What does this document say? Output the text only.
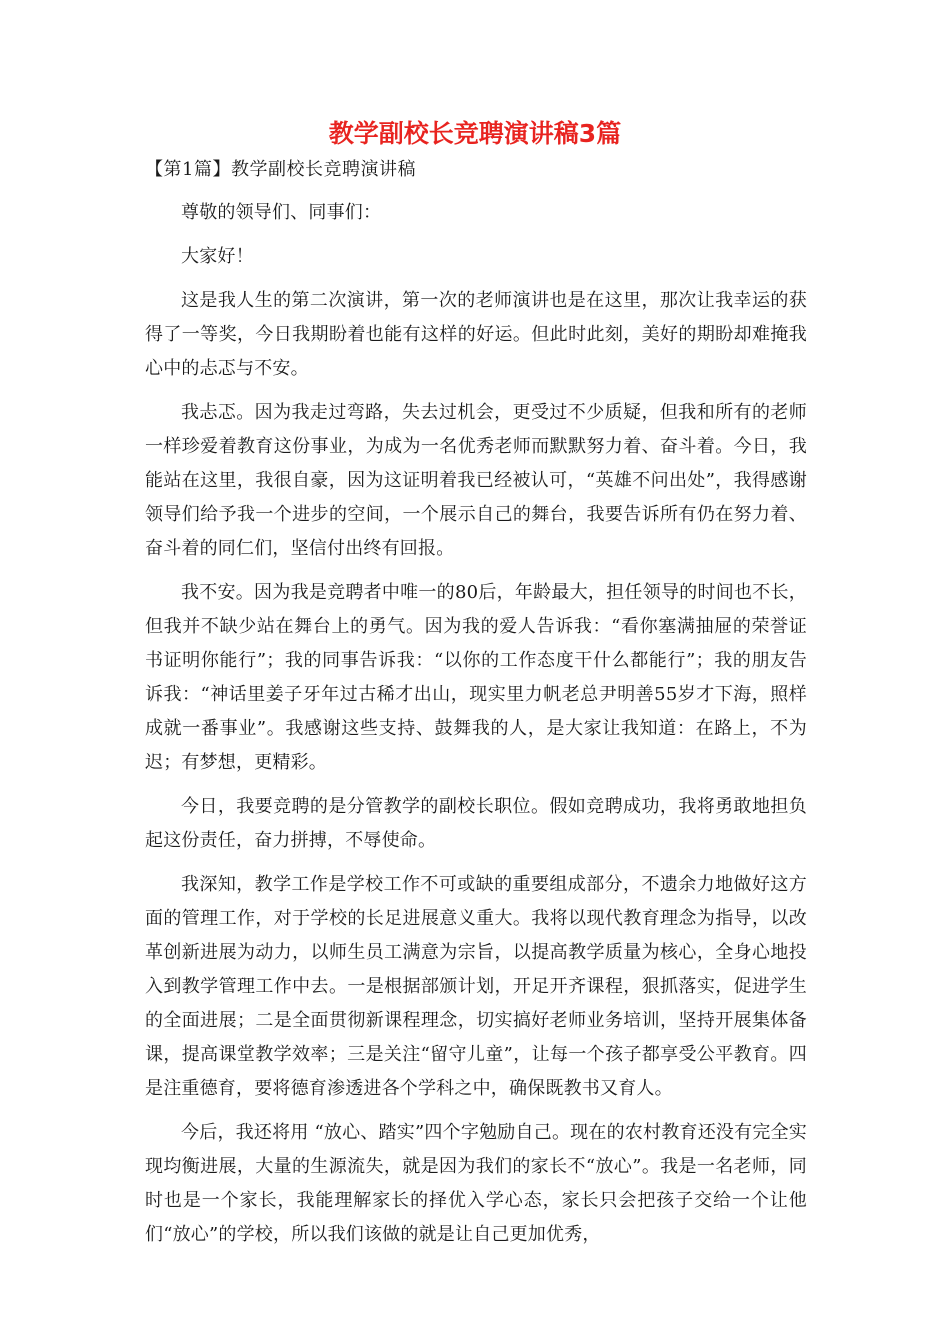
教学副校长竞聘演讲稿3篇
【第1篇】教学副校长竞聘演讲稿

尊敬的领导们、同事们：

大家好！

这是我人生的第二次演讲，第一次的老师演讲也是在这里，那次让我幸运的获得了一等奖，今日我期盼着也能有这样的好运。但此时此刻，美好的期盼却难掩我心中的忐忑与不安。

我忐忑。因为我走过弯路，失去过机会，更受过不少质疑，但我和所有的老师一样珍爱着教育这份事业，为成为一名优秀老师而默默努力着、奋斗着。今日，我能站在这里，我很自豪，因为这证明着我已经被认可，“英雄不问出处”，我得感谢领导们给予我一个进步的空间，一个展示自己的舞台，我要告诉所有仍在努力着、奋斗着的同仁们，坚信付出终有回报。

我不安。因为我是竞聘者中唯一的80后，年龄最大，担任领导的时间也不长，但我并不缺少站在舞台上的勇气。因为我的爱人告诉我：“看你塞满抽屉的荣誉证书证明你能行”；我的同事告诉我：“以你的工作态度干什么都能行”；我的朋友告诉我：“神话里姜子牙年过古稀才出山，现实里力帆老总尹明善55岁才下海，照样成就一番事业”。我感谢这些支持、鼓舞我的人，是大家让我知道：在路上，不为迟；有梦想，更精彩。

今日，我要竞聘的是分管教学的副校长职位。假如竞聘成功，我将勇敢地担负起这份责任，奋力拼搏，不辱使命。

我深知，教学工作是学校工作不可或缺的重要组成部分，不遗余力地做好这方面的管理工作，对于学校的长足进展意义重大。我将以现代教育理念为指导，以改革创新进展为动力，以师生员工满意为宗旨，以提高教学质量为核心，全身心地投入到教学管理工作中去。一是根据部颁计划，开足开齐课程，狠抓落实，促进学生的全面进展；二是全面贯彻新课程理念，切实搞好老师业务培训，坚持开展集体备课，提高课堂教学效率；三是关注“留守儿童”，让每一个孩子都享受公平教育。四是注重德育，要将德育渗透进各个学科之中，确保既教书又育人。

今后，我还将用 “放心、踏实”四个字勉励自己。现在的农村教育还没有完全实现均衡进展，大量的生源流失，就是因为我们的家长不“放心”。我是一名老师，同时也是一个家长，我能理解家长的择优入学心态，家长只会把孩子交给一个让他们“放心”的学校，所以我们该做的就是让自己更加优秀，
